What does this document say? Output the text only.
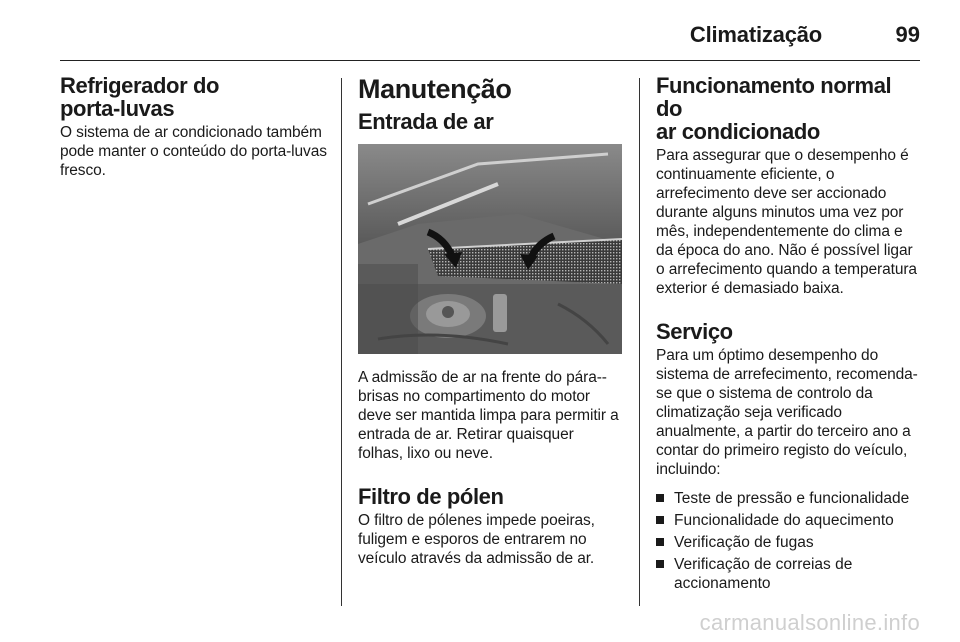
Climatização	99
Refrigerador do
porta-luvas

O sistema de ar condicionado também pode manter o conteúdo do porta-luvas fresco.

Manutenção
Entrada de ar

A admissão de ar na frente do pára--brisas no compartimento do motor deve ser mantida limpa para permitir a entrada de ar. Retirar quaisquer folhas, lixo ou neve.

Filtro de pólen

O filtro de pólenes impede poeiras, fuligem e esporos de entrarem no veículo através da admissão de ar.

Funcionamento normal do
ar condicionado

Para assegurar que o desempenho é continuamente eficiente, o arrefecimento deve ser accionado durante alguns minutos uma vez por mês, independentemente do clima e da época do ano. Não é possível ligar o arrefecimento quando a temperatura exterior é demasiado baixa.

Serviço

Para um óptimo desempenho do sistema de arrefecimento, recomenda-se que o sistema de controlo da climatização seja verificado anualmente, a partir do terceiro ano a contar do primeiro registo do veículo, incluindo:

Teste de pressão e funcionalidade
Funcionalidade do aquecimento
Verificação de fugas
Verificação de correias de accionamento
carmanualsonline.info
